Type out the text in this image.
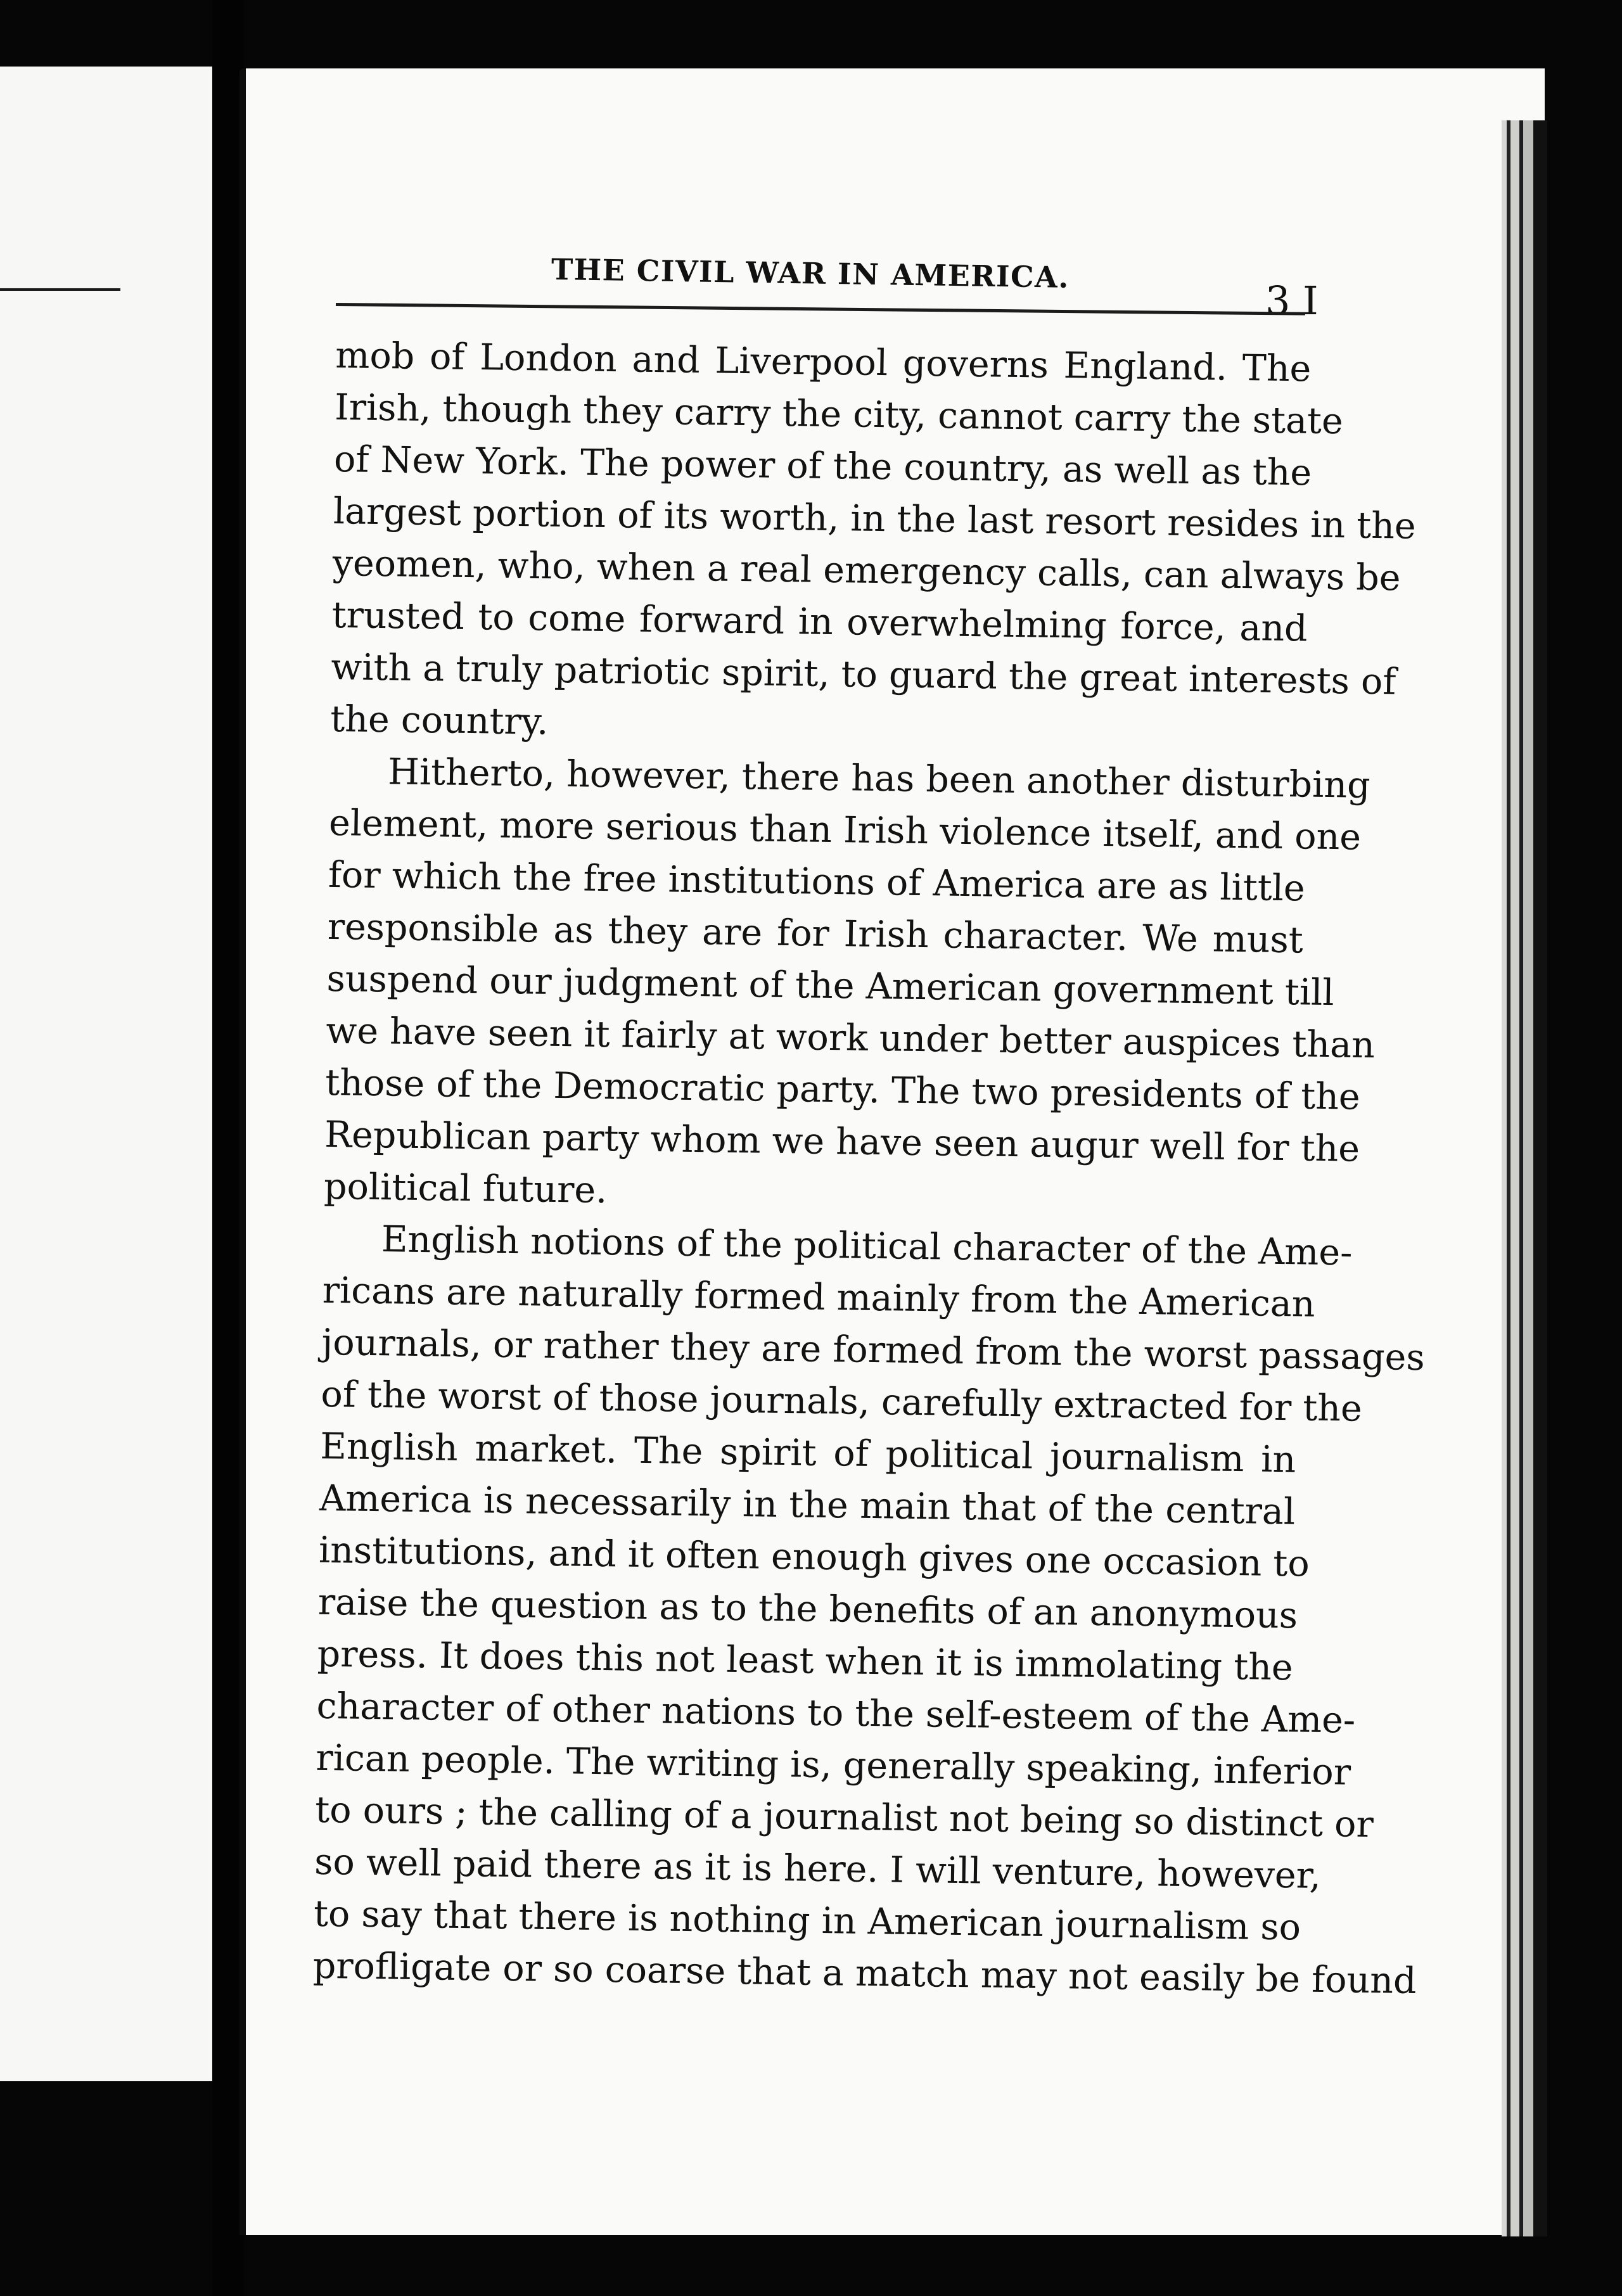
THE CIVIL WAR IN AMERICA.
3 I
mob of London and Liverpool governs England. The
Irish, though they carry the city, cannot carry the state
of New York. The power of the country, as well as the
largest portion of its worth, in the last resort resides in the
yeomen, who, when a real emergency calls, can always be
trusted to come forward in overwhelming force, and
with a truly patriotic spirit, to guard the great interests of
the country.
Hitherto, however, there has been another disturbing
element, more serious than Irish violence itself, and one
for which the free institutions of America are as little
responsible as they are for Irish character. We must
suspend our judgment of the American government till
we have seen it fairly at work under better auspices than
those of the Democratic party. The two presidents of the
Republican party whom we have seen augur well for the
political future.
English notions of the political character of the Ame-
ricans are naturally formed mainly from the American
journals, or rather they are formed from the worst passages
of the worst of those journals, carefully extracted for the
English market. The spirit of political journalism in
America is necessarily in the main that of the central
institutions, and it often enough gives one occasion to
raise the question as to the benefits of an anonymous
press. It does this not least when it is immolating the
character of other nations to the self-esteem of the Ame-
rican people. The writing is, generally speaking, inferior
to ours ; the calling of a journalist not being so distinct or
so well paid there as it is here. I will venture, however,
to say that there is nothing in American journalism so
profligate or so coarse that a match may not easily be found
